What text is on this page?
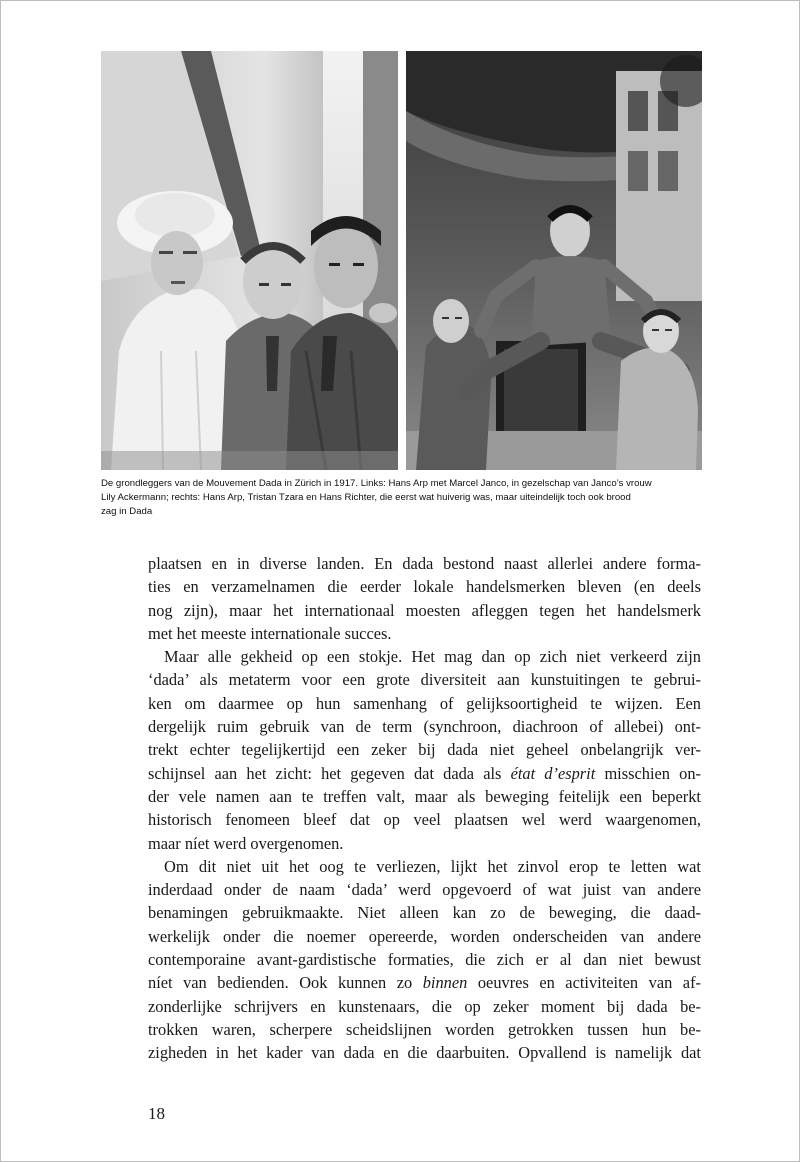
De grondleggers van de Mouvement Dada in Zürich in 1917. Links: Hans Arp met Marcel Janco, in gezelschap van Janco’s vrouw
Lily Ackermann; rechts: Hans Arp, Tristan Tzara en Hans Richter, die eerst wat huiverig was, maar uiteindelijk toch ook brood
zag in Dada
plaatsen en in diverse landen. En dada bestond naast allerlei andere forma-
ties en verzamelnamen die eerder lokale handelsmerken bleven (en deels
nog zijn), maar het internationaal moesten afleggen tegen het handelsmerk
met het meeste internationale succes.
Maar alle gekheid op een stokje. Het mag dan op zich niet verkeerd zijn
‘dada’ als metaterm voor een grote diversiteit aan kunstuitingen te gebrui-
ken om daarmee op hun samenhang of gelijksoortigheid te wijzen. Een
dergelijk ruim gebruik van de term (synchroon, diachroon of allebei) ont-
trekt echter tegelijkertijd een zeker bij dada niet geheel onbelangrijk ver-
schijnsel aan het zicht: het gegeven dat dada als état d’esprit misschien on-
der vele namen aan te treffen valt, maar als beweging feitelijk een beperkt
historisch fenomeen bleef dat op veel plaatsen wel werd waargenomen,
maar níet werd overgenomen.
Om dit niet uit het oog te verliezen, lijkt het zinvol erop te letten wat
inderdaad onder de naam ‘dada’ werd opgevoerd of wat juist van andere
benamingen gebruikmaakte. Niet alleen kan zo de beweging, die daad-
werkelijk onder die noemer opereerde, worden onderscheiden van andere
contemporaine avant-gardistische formaties, die zich er al dan niet bewust
níet van bedienden. Ook kunnen zo binnen oeuvres en activiteiten van af-
zonderlijke schrijvers en kunstenaars, die op zeker moment bij dada be-
trokken waren, scherpere scheidslijnen worden getrokken tussen hun be-
zigheden in het kader van dada en die daarbuiten. Opvallend is namelijk dat
18
